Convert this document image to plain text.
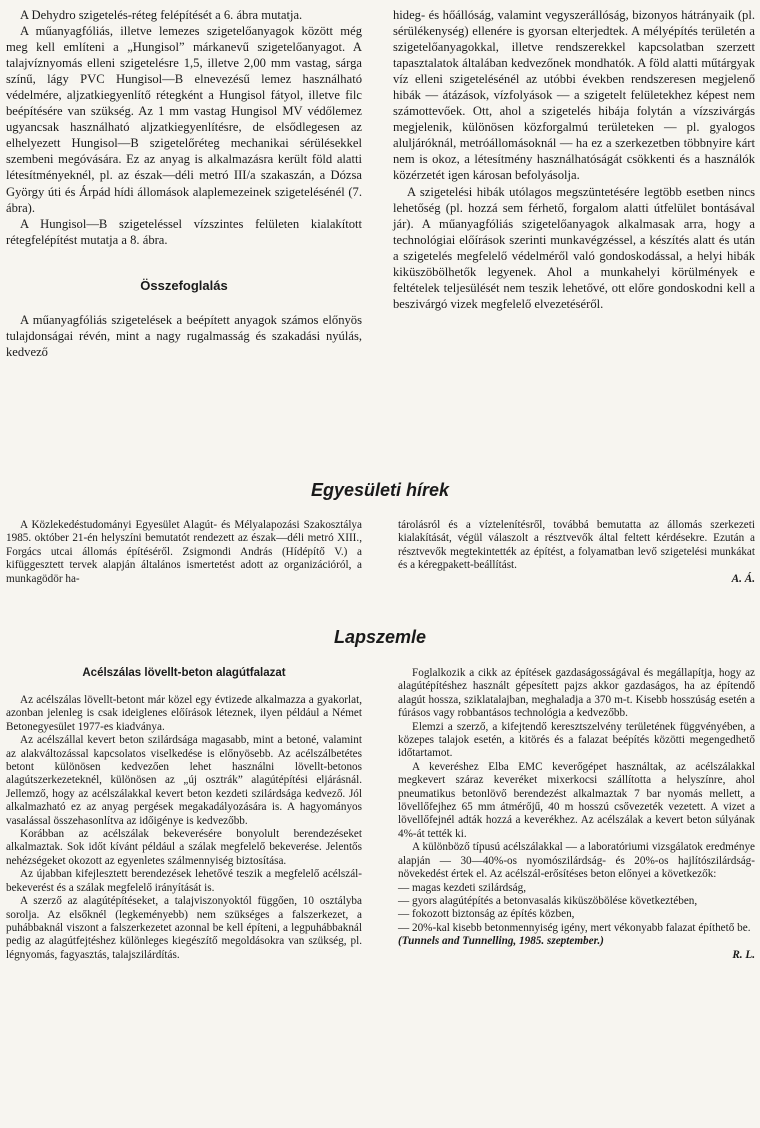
A Dehydro szigetelés-réteg felépítését a 6. ábra mutatja.

A műanyagfóliás, illetve lemezes szigetelőanyagok között még meg kell említeni a „Hungisol” márkanevű szigetelőanyagot. A talajvíznyomás elleni szigetelésre 1,5, illetve 2,00 mm vastag, sárga színű, lágy PVC Hungisol—B elnevezésű lemez használható védelmére, aljzatkiegyenlítő rétegként a Hungisol fátyol, illetve filc beépítésére van szükség. Az 1 mm vastag Hungisol MV védőlemez ugyancsak használható aljzatkiegyenlítésre, de elsődlegesen az elhelyezett Hungisol—B szigetelőréteg mechanikai sérülésekkel szembeni megóvására. Ez az anyag is alkalmazásra került föld alatti létesítményeknél, pl. az észak—déli metró III/a szakaszán, a Dózsa György úti és Árpád hídi állomások alaplemezeinek szigetelésénél (7. ábra).

A Hungisol—B szigeteléssel vízszintes felületen kialakított rétegfelépítést mutatja a 8. ábra.

Összefoglalás

A műanyagfóliás szigetelések a beépített anyagok számos előnyös tulajdonságai révén, mint a nagy rugalmasság és szakadási nyúlás, kedvező

hideg- és hőállóság, valamint vegyszerállóság, bizonyos hátrányaik (pl. sérülékenység) ellenére is gyorsan elterjedtek. A mélyépítés területén a szigetelőanyagokkal, illetve rendszerekkel kapcsolatban szerzett tapasztalatok általában kedvezőnek mondhatók. A föld alatti műtárgyak víz elleni szigetelésénél az utóbbi években rendszeresen megjelenő hibák — átázások, vízfolyások — a szigetelt felületekhez képest nem számottevőek. Ott, ahol a szigetelés hibája folytán a vízszivárgás megjelenik, különösen közforgalmú területeken — pl. gyalogos aluljáróknál, metróállomásoknál — ha ez a szerkezetben többnyire kárt nem is okoz, a létesítmény használhatóságát csökkenti és a használók közérzetét igen károsan befolyásolja.

A szigetelési hibák utólagos megszüntetésére legtöbb esetben nincs lehetőség (pl. hozzá sem férhető, forgalom alatti útfelület bontásával jár). A műanyagfóliás szigetelőanyagok alkalmasak arra, hogy a technológiai előírások szerinti munkavégzéssel, a készítés alatt és után a szigetelés megfelelő védelméről való gondoskodással, a helyi hibák kiküszöbölhetők legyenek. Ahol a munkahelyi körülmények e feltételek teljesülését nem teszik lehetővé, ott előre gondoskodni kell a beszivárgó vizek megfelelő elvezetéséről.

Egyesületi hírek

A Közlekedéstudományi Egyesület Alagút- és Mélyalapozási Szakosztálya 1985. október 21-én helyszíni bemutatót rendezett az észak—déli metró XIII., Forgács utcai állomás építéséről. Zsigmondi András (Hídépítő V.) a kifüggesztett tervek alapján általános ismertetést adott az organizációról, a munkagödör ha-

tárolásról és a víztelenítésről, továbbá bemutatta az állomás szerkezeti kialakítását, végül válaszolt a résztvevők által feltett kérdésekre. Ezután a résztvevők megtekintették az építést, a folyamatban levő szigetelési munkákat és a kéregpakett-beállítást.

A. Á.

Lapszemle
Acélszálas lövellt-beton alagútfalazat

Az acélszálas lövellt-betont már közel egy évtizede alkalmazza a gyakorlat, azonban jelenleg is csak ideiglenes előírások léteznek, ilyen például a Német Betonegyesület 1977-es kiadványa.

Az acélszállal kevert beton szilárdsága magasabb, mint a betoné, valamint az alakváltozással kapcsolatos viselkedése is előnyösebb. Az acélszálbetétes betont különösen kedvezően lehet használni lövellt-betonos alagútszerkezeteknél, különösen az „új osztrák” alagútépítési eljárásnál. Jellemző, hogy az acélszálakkal kevert beton kezdeti szilárdsága kedvező. Jól alkalmazható ez az anyag pergések megakadályozására is. A hagyományos vasalással összehasonlítva az időigénye is kedvezőbb.

Korábban az acélszálak bekeverésére bonyolult berendezéseket alkalmaztak. Sok időt kívánt például a szálak megfelelő bekeverése. Jelentős nehézségeket okozott az egyenletes szálmennyiség biztosítása.

Az újabban kifejlesztett berendezések lehetővé teszik a megfelelő acélszál-bekeverést és a szálak megfelelő irányítását is.

A szerző az alagútépítéseket, a talajviszonyoktól függően, 10 osztályba sorolja. Az elsőknél (legkeményebb) nem szükséges a falszerkezet, a puhábbaknál viszont a falszerkezetet azonnal be kell építeni, a legpuhábbaknál pedig az alagútfejtéshez különleges kiegészítő megoldásokra van szükség, pl. légnyomás, fagyasztás, talajszilárdítás.

Foglalkozik a cikk az építések gazdaságosságával és megállapítja, hogy az alagútépítéshez használt gépesített pajzs akkor gazdaságos, ha az építendő alagút hossza, sziklatalajban, meghaladja a 370 m-t. Kisebb hosszúság esetén a fúrásos vagy robbantásos technológia a kedvezőbb.

Elemzi a szerző, a kifejtendő keresztszelvény területének függvényében, a közepes talajok esetén, a kitörés és a falazat beépítés közötti megengedhető időtartamot.

A keveréshez Elba EMC keverőgépet használtak, az acélszálakkal megkevert száraz keveréket mixerkocsi szállította a helyszínre, ahol pneumatikus betonlövő berendezést alkalmaztak 7 bar nyomás mellett, a lövellőfejhez 65 mm átmérőjű, 40 m hosszú csővezeték vezetett. A vizet a lövellőfejnél adták hozzá a keverékhez. Az acélszálak a kevert beton súlyának 4%-át tették ki.

A különböző típusú acélszálakkal — a laboratóriumi vizsgálatok eredménye alapján — 30—40%-os nyomószilárdság- és 20%-os hajlítószilárdság-növekedést értek el. Az acélszál-erősítéses beton előnyei a következők:

— magas kezdeti szilárdság,
— gyors alagútépítés a betonvasalás kiküszöbölése következtében,
— fokozott biztonság az építés közben,
— 20%-kal kisebb betonmennyiség igény, mert vékonyabb falazat építhető be.
(Tunnels and Tunnelling, 1985. szeptember.)
R. L.
